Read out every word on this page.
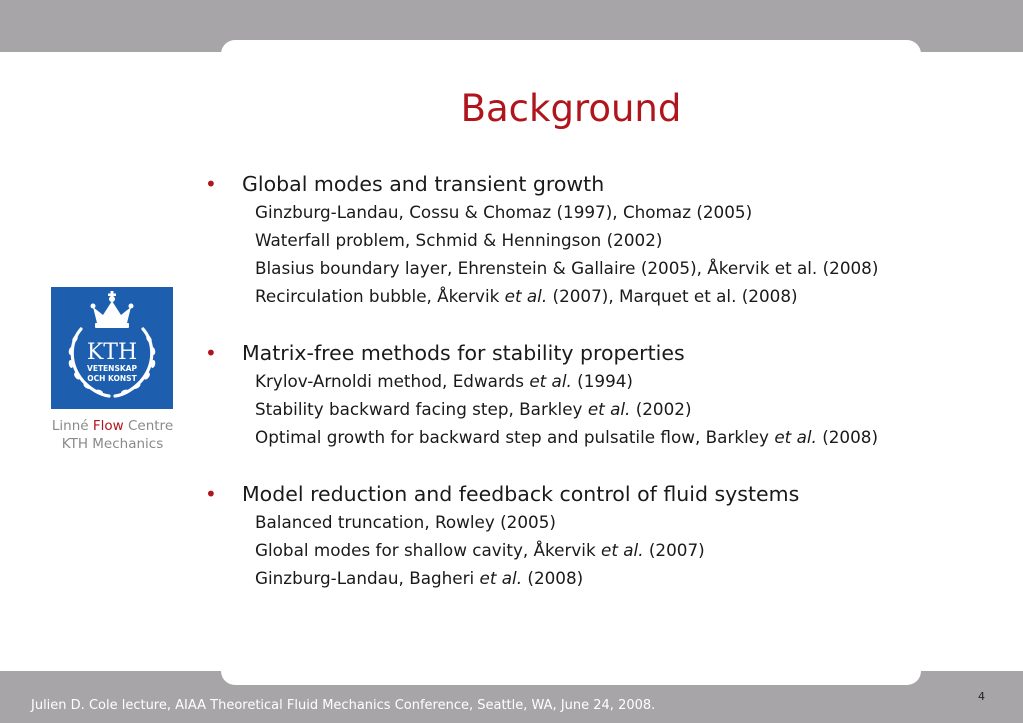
Background
KTH
VETENSKAP
OCH KONST
Linné Flow Centre
KTH Mechanics
• Global modes and transient growth
Ginzburg-Landau, Cossu & Chomaz (1997), Chomaz (2005)
Waterfall problem, Schmid & Henningson (2002)
Blasius boundary layer, Ehrenstein & Gallaire (2005), Åkervik et al. (2008)
Recirculation bubble, Åkervik et al. (2007), Marquet et al. (2008)
• Matrix-free methods for stability properties
Krylov-Arnoldi method, Edwards et al. (1994)
Stability backward facing step, Barkley et al. (2002)
Optimal growth for backward step and pulsatile flow, Barkley et al. (2008)
• Model reduction and feedback control of fluid systems
Balanced truncation, Rowley (2005)
Global modes for shallow cavity, Åkervik et al. (2007)
Ginzburg-Landau, Bagheri et al. (2008)
Julien D. Cole lecture, AIAA Theoretical Fluid Mechanics Conference, Seattle, WA, June 24, 2008.
4
